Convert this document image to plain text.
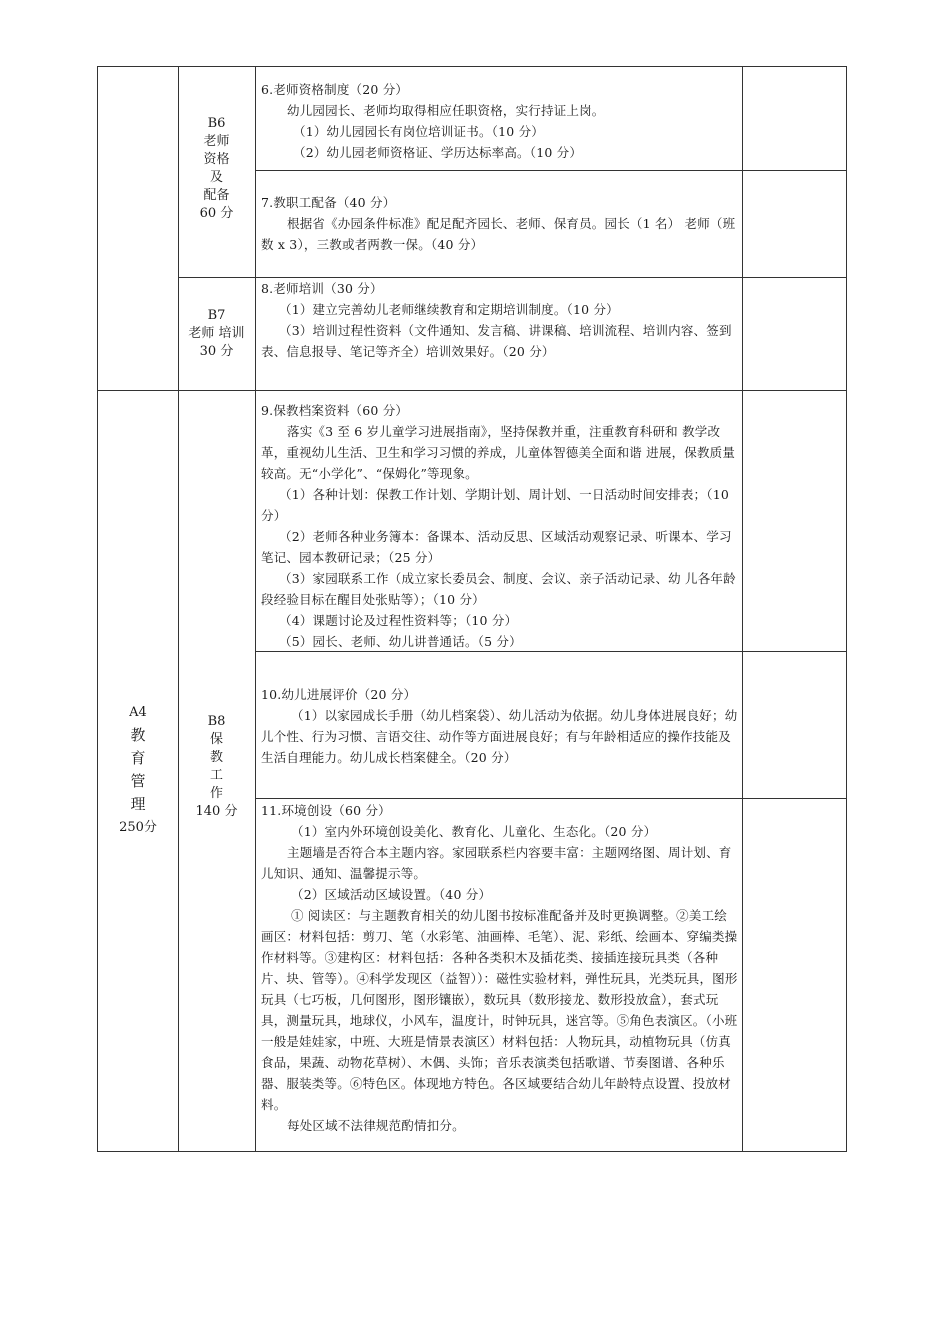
B6
老师
资格
及
配备
60 分
B7
老师 培训
30 分
A4
教
育
管
理
250分
B8
保
教
工
作
140 分

6.老师资格制度（20 分）

幼儿园园长、老师均取得相应任职资格，实行持证上岗。

（1）幼儿园园长有岗位培训证书。（10 分）

（2）幼儿园老师资格证、学历达标率高。（10 分）

7.教职工配备（40 分）

根据省《办园条件标准》配足配齐园长、老师、保育员。园长（1 名） 老师（班数 x 3），三教或者两教一保。（40 分）

8.老师培训（30 分）

（1）建立完善幼儿老师继续教育和定期培训制度。（10 分）

（3）培训过程性资料（文件通知、发言稿、讲课稿、培训流程、培训内容、签到表、信息报导、笔记等齐全）培训效果好。（20 分）

9.保教档案资料（60 分）

落实《3 至 6 岁儿童学习进展指南》，坚持保教并重，注重教育科研和 教学改革，重视幼儿生活、卫生和学习习惯的养成，儿童体智德美全面和谐 进展，保教质量较高。无“小学化”、“保姆化”等现象。

（1）各种计划：保教工作计划、学期计划、周计划、一日活动时间安排表；（10 分）

（2）老师各种业务簿本：备课本、活动反思、区域活动观察记录、听课本、学习笔记、园本教研记录；（25 分）

（3）家园联系工作（成立家长委员会、制度、会议、亲子活动记录、幼 儿各年龄段经验目标在醒目处张贴等）；（10 分）

（4）课题讨论及过程性资料等；（10 分）

（5）园长、老师、幼儿讲普通话。（5 分）

10.幼儿进展评价（20 分）

（1）以家园成长手册（幼儿档案袋）、幼儿活动为依据。幼儿身体进展良好；幼儿个性、行为习惯、言语交往、动作等方面进展良好；有与年龄相适应的操作技能及生活自理能力。幼儿成长档案健全。（20 分）

11.环境创设（60 分）

（1）室内外环境创设美化、教育化、儿童化、生态化。（20 分）

主题墙是否符合本主题内容。家园联系栏内容要丰富：主题网络图、周计划、育儿知识、通知、温馨提示等。

（2）区域活动区域设置。（40 分）

① 阅读区：与主题教育相关的幼儿图书按标准配备并及时更换调整。②美工绘画区：材料包括：剪刀、笔（水彩笔、油画棒、毛笔）、泥、彩纸、绘画本、穿编类操作材料等。③建构区：材料包括：各种各类积木及插花类、接插连接玩具类（各种片、块、管等）。④科学发现区（益智））：磁性实验材料，弹性玩具，光类玩具，图形玩具（七巧板，几何图形，图形镶嵌），数玩具（数形接龙、数形投放盒），套式玩具，测量玩具，地球仪，小风车，温度计，时钟玩具，迷宫等。⑤角色表演区。（小班一般是娃娃家，中班、大班是情景表演区）材料包括：人物玩具，动植物玩具（仿真食品，果蔬、动物花草树）、木偶、头饰；音乐表演类包括歌谱、节奏图谱、各种乐器、服装类等。⑥特色区。体现地方特色。各区域要结合幼儿年龄特点设置、投放材料。

每处区域不法律规范酌情扣分。
